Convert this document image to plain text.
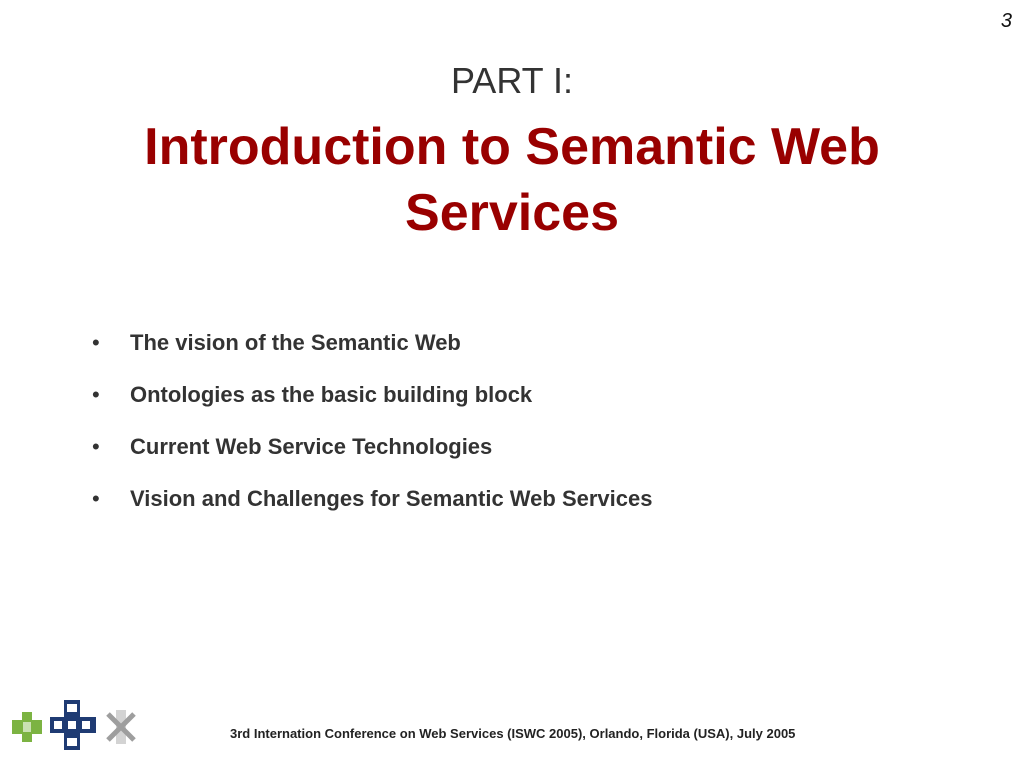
3
PART I:
Introduction to Semantic Web Services
•	The vision of the Semantic Web
•	Ontologies as the basic building block
•	Current Web Service Technologies
•	Vision and Challenges for Semantic Web Services
3rd Internation Conference on Web Services (ISWC 2005), Orlando, Florida (USA), July 2005
